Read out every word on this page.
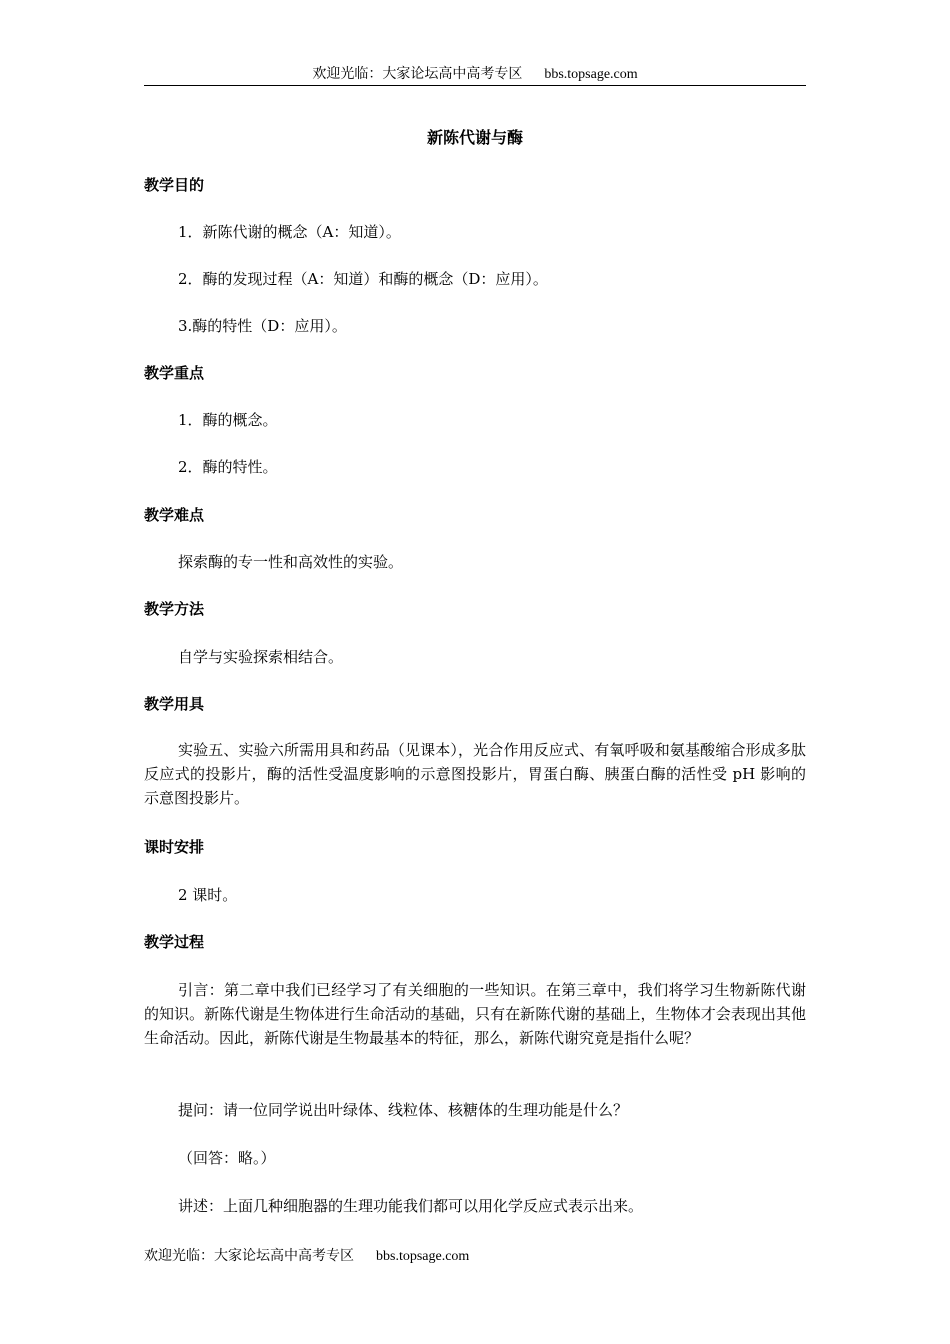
欢迎光临：大家论坛高中高考专区 bbs.topsage.com
新陈代谢与酶
教学目的
1．新陈代谢的概念（A：知道）。
2．酶的发现过程（A：知道）和酶的概念（D：应用）。
3.酶的特性（D：应用）。
教学重点
1．酶的概念。
2．酶的特性。
教学难点
探索酶的专一性和高效性的实验。
教学方法
自学与实验探索相结合。
教学用具
实验五、实验六所需用具和药品（见课本），光合作用反应式、有氧呼吸和氨基酸缩合形成多肽反应式的投影片，酶的活性受温度影响的示意图投影片，胃蛋白酶、胰蛋白酶的活性受 pH 影响的示意图投影片。
课时安排
2 课时。
教学过程
引言：第二章中我们已经学习了有关细胞的一些知识。在第三章中，我们将学习生物新陈代谢的知识。新陈代谢是生物体进行生命活动的基础，只有在新陈代谢的基础上，生物体才会表现出其他生命活动。因此，新陈代谢是生物最基本的特征，那么，新陈代谢究竟是指什么呢？
提问：请一位同学说出叶绿体、线粒体、核糖体的生理功能是什么？
（回答：略。）
讲述：上面几种细胞器的生理功能我们都可以用化学反应式表示出来。
欢迎光临：大家论坛高中高考专区 bbs.topsage.com
